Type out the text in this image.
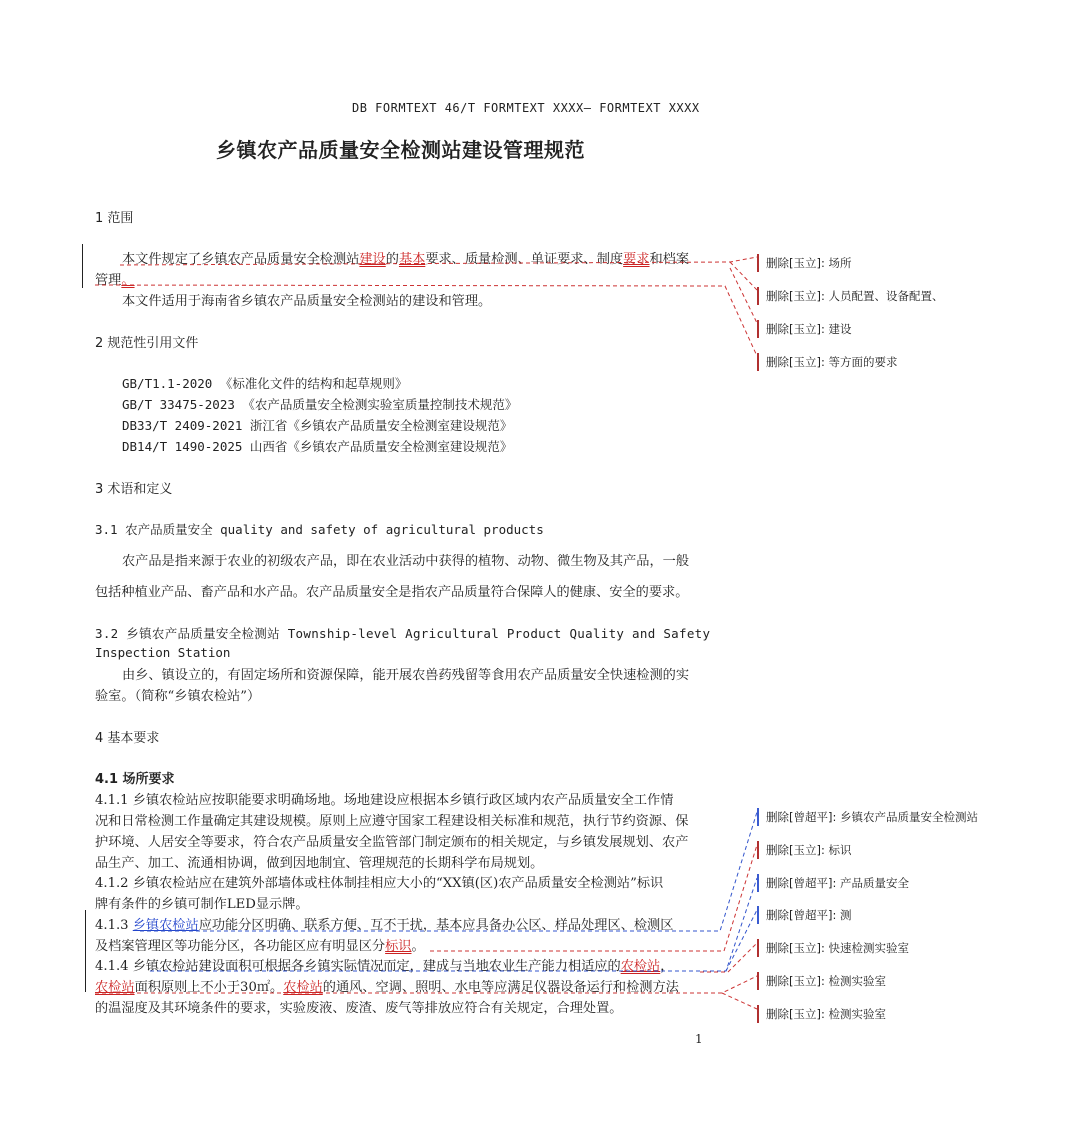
DB FORMTEXT 46/T FORMTEXT XXXX— FORMTEXT XXXX
乡镇农产品质量安全检测站建设管理规范
1 范围
本文件规定了乡镇农产品质量安全检测站建设的基本要求、质量检测、单证要求、制度要求和档案
管理。
本文件适用于海南省乡镇农产品质量安全检测站的建设和管理。
2 规范性引用文件
GB/T1.1-2020 《标准化文件的结构和起草规则》
GB/T 33475-2023 《农产品质量安全检测实验室质量控制技术规范》
DB33/T 2409-2021 浙江省《乡镇农产品质量安全检测室建设规范》
DB14/T 1490-2025 山西省《乡镇农产品质量安全检测室建设规范》
3 术语和定义
3.1 农产品质量安全 quality and safety of agricultural products
农产品是指来源于农业的初级农产品，即在农业活动中获得的植物、动物、微生物及其产品，一般
包括种植业产品、畜产品和水产品。农产品质量安全是指农产品质量符合保障人的健康、安全的要求。
3.2 乡镇农产品质量安全检测站 Township-level Agricultural Product Quality and Safety
Inspection Station
由乡、镇设立的，有固定场所和资源保障，能开展农兽药残留等食用农产品质量安全快速检测的实
验室。（简称“乡镇农检站”）
4 基本要求
4.1 场所要求
4.1.1 乡镇农检站应按职能要求明确场地。场地建设应根据本乡镇行政区域内农产品质量安全工作情
况和日常检测工作量确定其建设规模。原则上应遵守国家工程建设相关标准和规范，执行节约资源、保
护环境、人居安全等要求，符合农产品质量安全监管部门制定颁布的相关规定，与乡镇发展规划、农产
品生产、加工、流通相协调，做到因地制宜、管理规范的长期科学布局规划。
4.1.2 乡镇农检站应在建筑外部墙体或柱体制挂相应大小的“XX镇(区)农产品质量安全检测站”标识
牌有条件的乡镇可制作LED显示牌。
4.1.3 乡镇农检站应功能分区明确、联系方便、互不干扰，基本应具备办公区、样品处理区、检测区
及档案管理区等功能分区，各功能区应有明显区分标识。
4.1.4 乡镇农检站建设面积可根据各乡镇实际情况而定，建成与当地农业生产能力相适应的农检站，
农检站面积原则上不小于30㎡。农检站的通风、空调、照明、水电等应满足仪器设备运行和检测方法
的温湿度及其环境条件的要求，实验废液、废渣、废气等排放应符合有关规定，合理处置。
1
删除[玉立]: 场所
删除[玉立]: 人员配置、设备配置、
删除[玉立]: 建设
删除[玉立]: 等方面的要求
删除[曾超平]: 乡镇农产品质量安全检测站
删除[玉立]: 标识
删除[曾超平]: 产品质量安全
删除[曾超平]: 测
删除[玉立]: 快速检测实验室
删除[玉立]: 检测实验室
删除[玉立]: 检测实验室
